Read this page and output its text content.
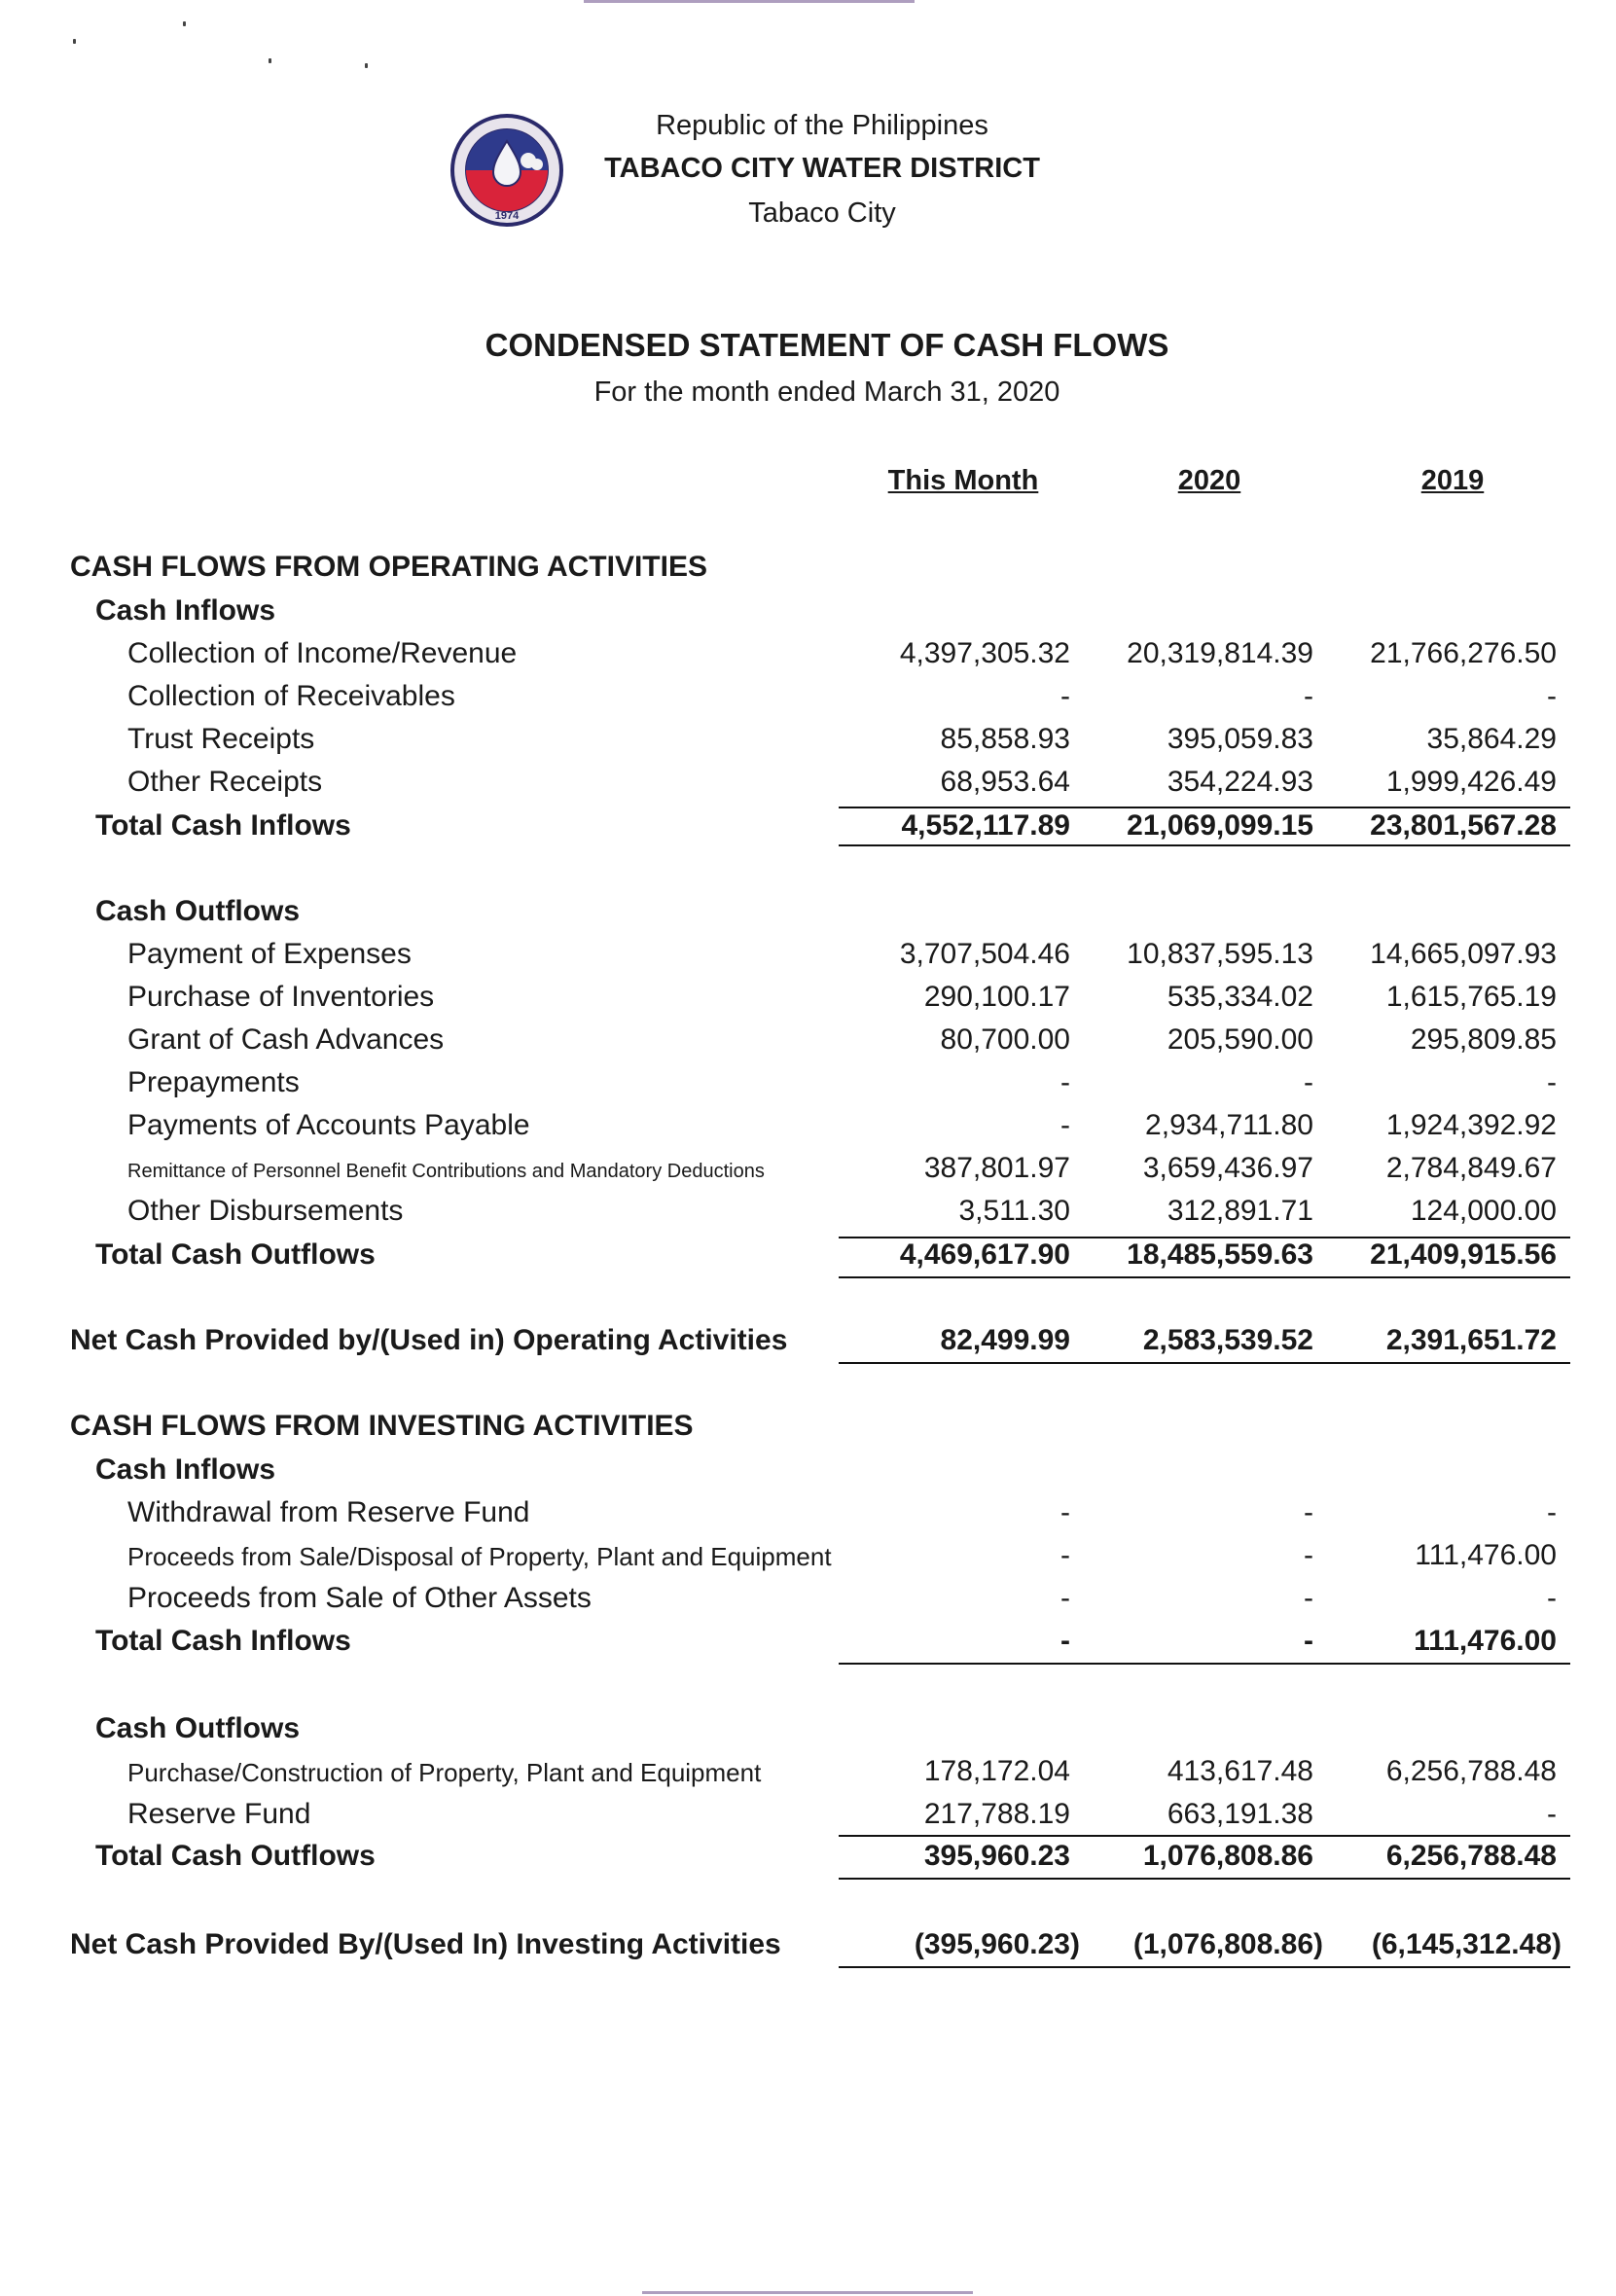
1974
Republic of the Philippines
TABACO CITY WATER DISTRICT
Tabaco City
CONDENSED STATEMENT OF CASH FLOWS
For the month ended March 31, 2020
This Month	2020	2019
CASH FLOWS FROM OPERATING ACTIVITIES
Cash Inflows
Collection of Income/Revenue	4,397,305.32	20,319,814.39	21,766,276.50
Collection of Receivables	-	-	-
Trust Receipts	85,858.93	395,059.83	35,864.29
Other Receipts	68,953.64	354,224.93	1,999,426.49
Total Cash Inflows	4,552,117.89	21,069,099.15	23,801,567.28
Cash Outflows
Payment of Expenses	3,707,504.46	10,837,595.13	14,665,097.93
Purchase of Inventories	290,100.17	535,334.02	1,615,765.19
Grant of Cash Advances	80,700.00	205,590.00	295,809.85
Prepayments	-	-	-
Payments of Accounts Payable	-	2,934,711.80	1,924,392.92
Remittance of Personnel Benefit Contributions and Mandatory Deductions	387,801.97	3,659,436.97	2,784,849.67
Other Disbursements	3,511.30	312,891.71	124,000.00
Total Cash Outflows	4,469,617.90	18,485,559.63	21,409,915.56
Net Cash Provided by/(Used in) Operating Activities	82,499.99	2,583,539.52	2,391,651.72
CASH FLOWS FROM INVESTING ACTIVITIES
Cash Inflows
Withdrawal from Reserve Fund	-	-	-
Proceeds from Sale/Disposal of Property, Plant and Equipment	-	-	111,476.00
Proceeds from Sale of Other Assets	-	-	-
Total Cash Inflows	-	-	111,476.00
Cash Outflows
Purchase/Construction of Property, Plant and Equipment	178,172.04	413,617.48	6,256,788.48
Reserve Fund	217,788.19	663,191.38	-
Total Cash Outflows	395,960.23	1,076,808.86	6,256,788.48
Net Cash Provided By/(Used In) Investing Activities	(395,960.23)	(1,076,808.86)	(6,145,312.48)
